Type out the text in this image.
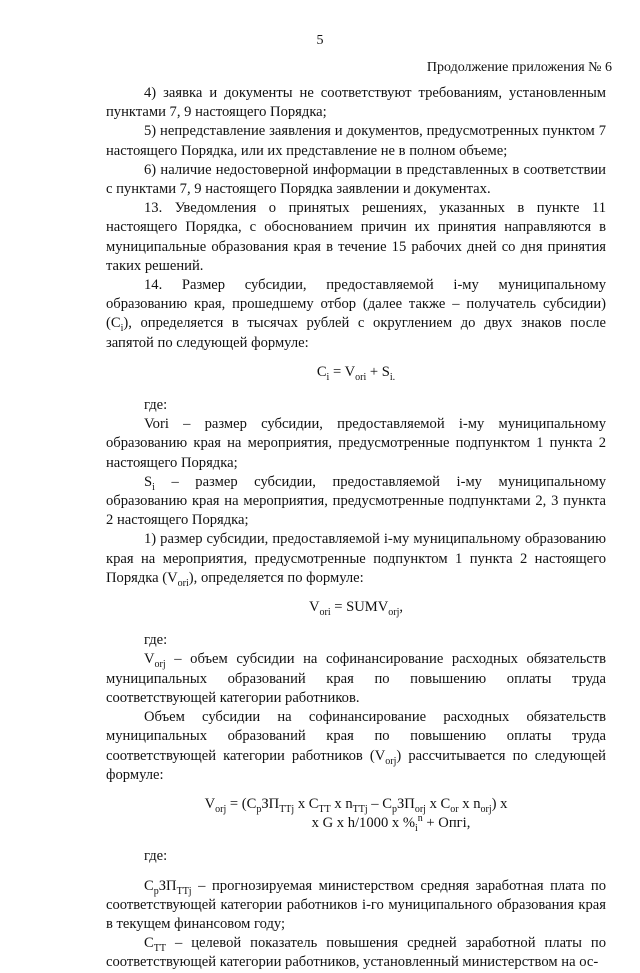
5
Продолжение приложения № 6

4) заявка и документы не соответствуют требованиям, установленным пунктами 7, 9 настоящего Порядка;

5) непредставление заявления и документов, предусмотренных пунктом 7 настоящего Порядка, или их представление не в полном объеме;

6) наличие недостоверной информации в представленных в соответствии с пунктами 7, 9 настоящего Порядка заявлении и документах.

13. Уведомления о принятых решениях, указанных в пункте 11 настоящего Порядка, с обоснованием причин их принятия направляются в муниципальные образования края в течение 15 рабочих дней со дня принятия таких решений.

14. Размер субсидии, предоставляемой i-му муниципальному образованию края, прошедшему отбор (далее также – получатель субсидии) $(C_i)$, определяется в тысячах рублей с округлением до двух знаков после запятой по следующей формуле:

$C_i = V_{ori} + S_{i.}$

где:

Vori – размер субсидии, предоставляемой i-му муниципальному образованию края на мероприятия, предусмотренные подпунктом 1 пункта 2 настоящего Порядка;

$S_i$ – размер субсидии, предоставляемой i-му муниципальному образованию края на мероприятия, предусмотренные подпунктами 2, 3 пункта 2 настоящего Порядка;

1) размер субсидии, предоставляемой i-му муниципальному образованию края на мероприятия, предусмотренные подпунктом 1 пункта 2 настоящего Порядка $(V_{ori})$, определяется по формуле:

$V_{ori}$ = $SUMV_{orj}$,

где:

$V_{orj}$ – объем субсидии на софинансирование расходных обязательств муниципальных образований края по повышению оплаты труда соответствующей категории работников.

Объем субсидии на софинансирование расходных обязательств муниципальных образований края по повышению оплаты труда соответствующей категории работников $(V_{orj})$ рассчитывается по следующей формуле:

$V_{orj} = (C_рЗП_{TTj}$ x $C_{TT}$ x $n_{TTj} - C_рЗП_{orj}$ x $C_{or}$ x $n_{orj}$) x

x G x h/1000 x $\%_i^n$ + Oпгi,

где:

$C_рЗП_{TTj}$ – прогнозируемая министерством средняя заработная плата по соответствующей категории работников i-го муниципального образования края в текущем финансовом году;

$C_{TT}$ – целевой показатель повышения средней заработной платы по соответствующей категории работников, установленный министерством на ос-
